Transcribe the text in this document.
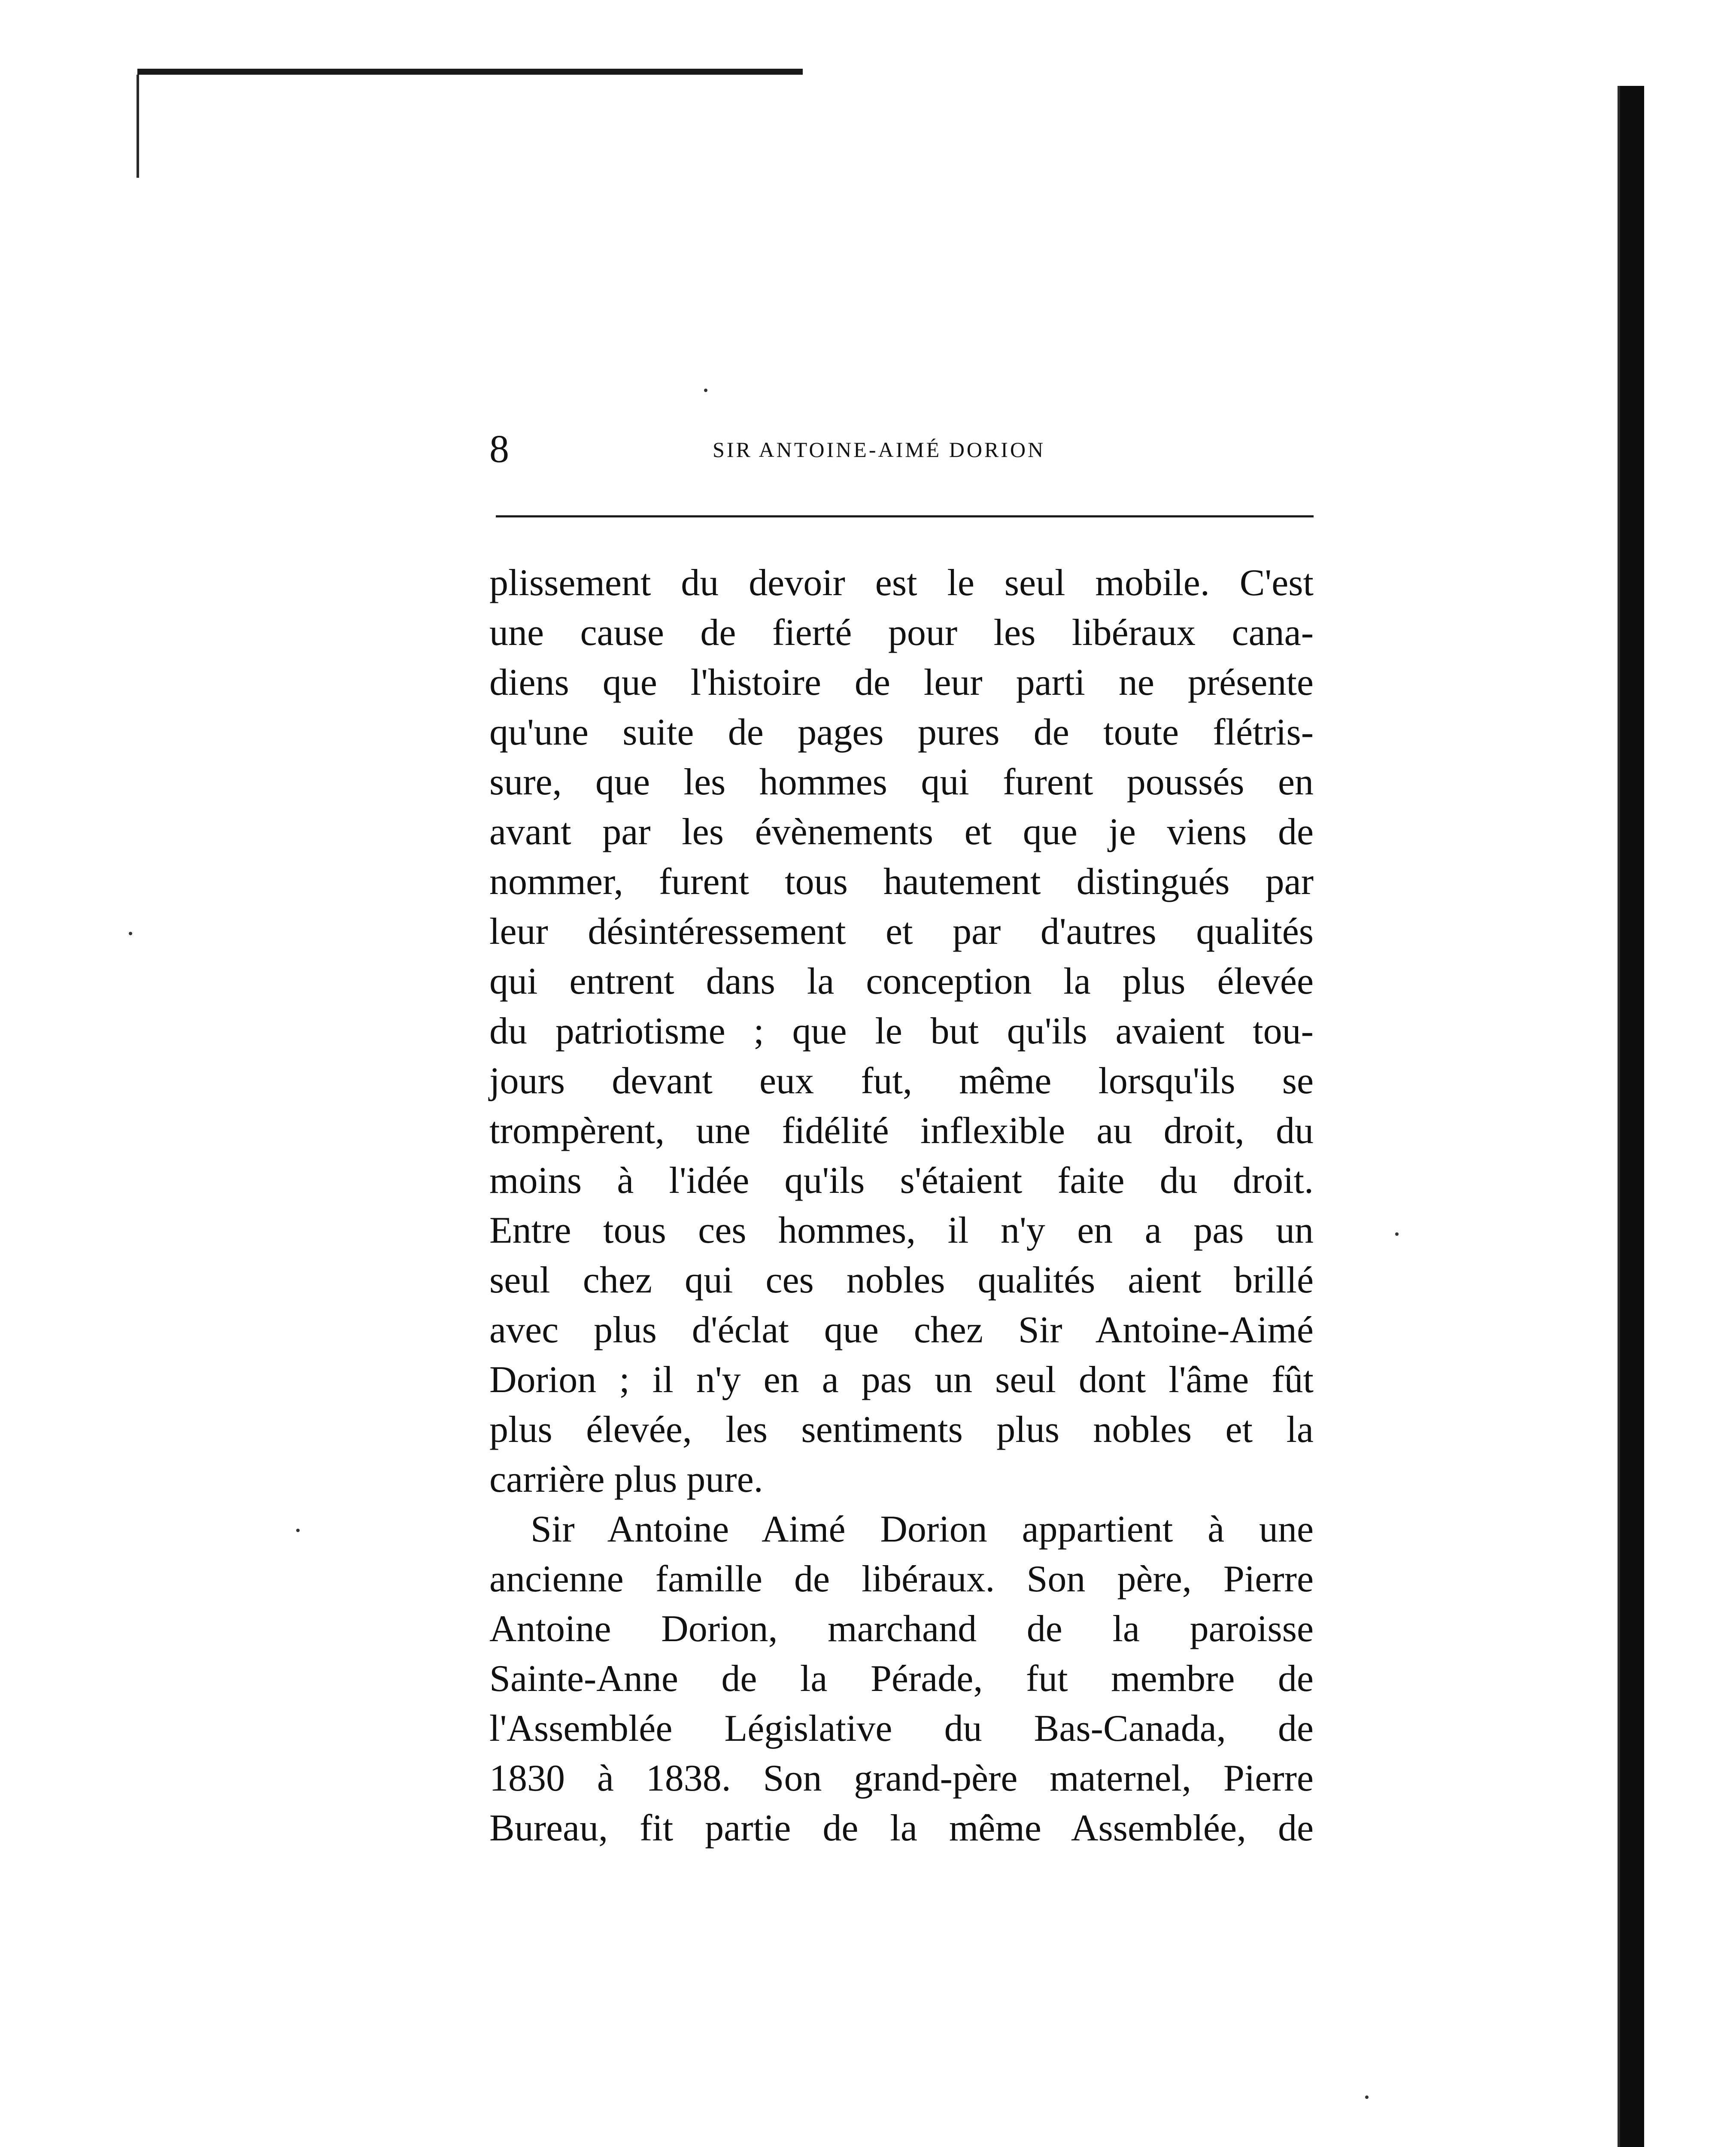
8	SIR ANTOINE-AIMÉ DORION
plissement du devoir est le seul mobile. C'est
une cause de fierté pour les libéraux cana-
diens que l'histoire de leur parti ne présente
qu'une suite de pages pures de toute flétris-
sure, que les hommes qui furent poussés en
avant par les évènements et que je viens de
nommer, furent tous hautement distingués par
leur désintéressement et par d'autres qualités
qui entrent dans la conception la plus élevée
du patriotisme ; que le but qu'ils avaient tou-
jours devant eux fut, même lorsqu'ils se
trompèrent, une fidélité inflexible au droit, du
moins à l'idée qu'ils s'étaient faite du droit.
Entre tous ces hommes, il n'y en a pas un
seul chez qui ces nobles qualités aient brillé
avec plus d'éclat que chez Sir Antoine-Aimé
Dorion ; il n'y en a pas un seul dont l'âme fût
plus élevée, les sentiments plus nobles et la
carrière plus pure.
Sir Antoine Aimé Dorion appartient à une
ancienne famille de libéraux. Son père, Pierre
Antoine Dorion, marchand de la paroisse
Sainte-Anne de la Pérade, fut membre de
l'Assemblée Législative du Bas-Canada, de
1830 à 1838. Son grand-père maternel, Pierre
Bureau, fit partie de la même Assemblée, de
